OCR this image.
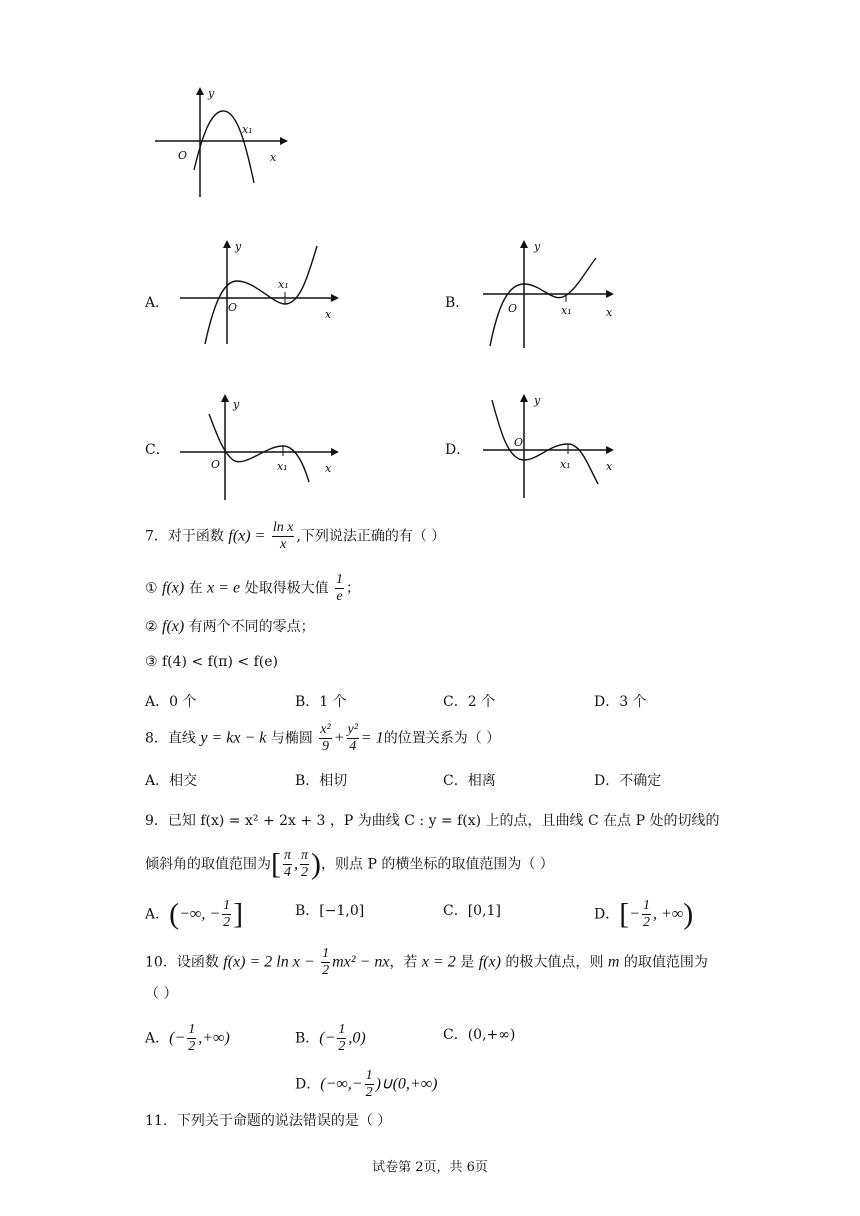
y
O	x
x₁
A．
y
O
x
x₁
B．
y
O	x
x₁
C．
y
O	x
x₁
D．
y
O
x
x₁
7．对于函数 $f(x) = \frac{\text{ln x}}{x}$ ,下列说法正确的有（ ）
① f(x) 在 x = e 处取得极大值 $\frac{1}{e}$ ；
② f(x) 有两个不同的零点；
③ f(4) < f(π) < f(e)
A．0 个	B．1 个	C．2 个	D．3 个
8．直线 y = kx − k 与椭圆 $\frac{\text{x²}}{9} + \frac{\text{y²}}{4} = 1$的位置关系为（ ）
A．相交	B．相切	C．相离	D．不确定
9．已知 f(x) = x² + 2x + 3 ，P 为曲线 C : y = f(x) 上的点，且曲线 C 在点 P 处的切线的
倾斜角的取值范围为[ $\frac{\pi}{4}$ , $\frac{\pi}{2}$ )，则点 P 的横坐标的取值范围为（ ）
A．(−∞, − $\frac{1}{2}$ ]	B．[−1,0]	C．[0,1]	D．[− $\frac{1}{2}$ , +∞)
10．设函数 f(x) = 2 $\ln x - \frac{1}{2} mx^2$ − nx，若 x = 2 是 f(x) 的极大值点，则 m 的取值范围为
（ ）
A．(− $\frac{1}{2}$ ,+∞)	B．(− $\frac{1}{2} ,0$)	C．(0,+∞)
D．(−∞,− $\frac{1}{2}$ )∪(0,+∞)
11．下列关于命题的说法错误的是（ ）
试卷第 2页，共 6页
